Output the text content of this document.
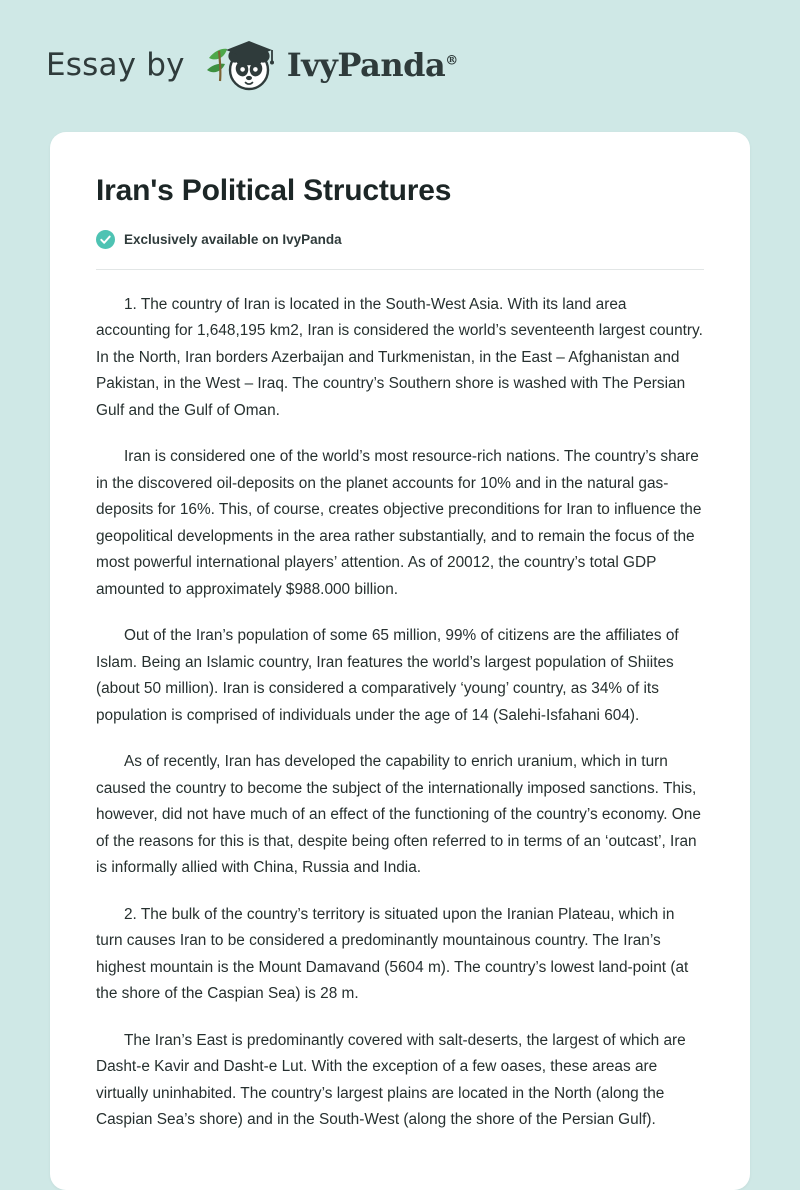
Essay by	IvyPanda®
Iran's Political Structures
Exclusively available on IvyPanda

1. The country of Iran is located in the South-West Asia. With its land area accounting for 1,648,195 km2, Iran is considered the world’s seventeenth largest country. In the North, Iran borders Azerbaijan and Turkmenistan, in the East – Afghanistan and Pakistan, in the West – Iraq. The country’s Southern shore is washed with The Persian Gulf and the Gulf of Oman.

Iran is considered one of the world’s most resource-rich nations. The country’s share in the discovered oil-deposits on the planet accounts for 10% and in the natural gas-deposits for 16%. This, of course, creates objective preconditions for Iran to influence the geopolitical developments in the area rather substantially, and to remain the focus of the most powerful international players’ attention. As of 20012, the country’s total GDP amounted to approximately $988.000 billion.

Out of the Iran’s population of some 65 million, 99% of citizens are the affiliates of Islam. Being an Islamic country, Iran features the world’s largest population of Shiites (about 50 million). Iran is considered a comparatively ‘young’ country, as 34% of its population is comprised of individuals under the age of 14 (Salehi-Isfahani 604).

As of recently, Iran has developed the capability to enrich uranium, which in turn caused the country to become the subject of the internationally imposed sanctions. This, however, did not have much of an effect of the functioning of the country’s economy. One of the reasons for this is that, despite being often referred to in terms of an ‘outcast’, Iran is informally allied with China, Russia and India.

2. The bulk of the country’s territory is situated upon the Iranian Plateau, which in turn causes Iran to be considered a predominantly mountainous country. The Iran’s highest mountain is the Mount Damavand (5604 m). The country’s lowest land-point (at the shore of the Caspian Sea) is 28 m.

The Iran’s East is predominantly covered with salt-deserts, the largest of which are Dasht-e Kavir and Dasht-e Lut. With the exception of a few oases, these areas are virtually uninhabited. The country’s largest plains are located in the North (along the Caspian Sea’s shore) and in the South-West (along the shore of the Persian Gulf).
